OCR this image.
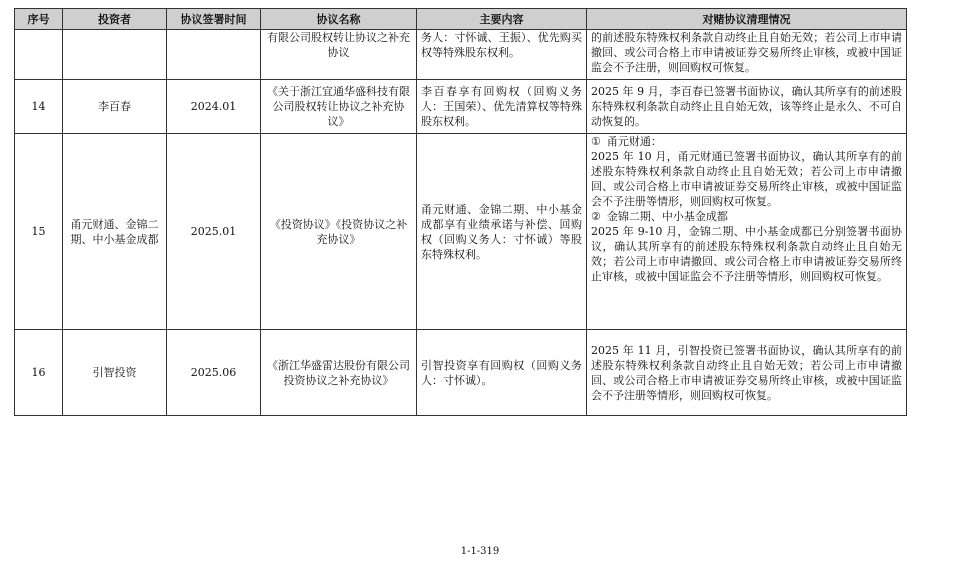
序号	投资者	协议签署时间	协议名称	主要内容	对赌协议清理情况
			有限公司股权转让协议之补充协议	务人：寸怀诚、王振）、优先购买权等特殊股东权利。	的前述股东特殊权利条款自动终止且自始无效；若公司上市申请撤回、或公司合格上市申请被证券交易所终止审核，或被中国证监会不予注册，则回购权可恢复。
14	李百春	2024.01	《关于浙江宜通华盛科技有限公司股权转让协议之补充协议》	李百春享有回购权（回购义务人：王国荣）、优先清算权等特殊股东权利。	2025 年 9 月，李百春已签署书面协议，确认其所享有的前述股东特殊权利条款自动终止且自始无效，该等终止是永久、不可自动恢复的。
15	甬元财通、金锦二期、中小基金成都	2025.01	《投资协议》《投资协议之补充协议》	甬元财通、金锦二期、中小基金成都享有业绩承诺与补偿、回购权（回购义务人：寸怀诚）等股东特殊权利。	① 甬元财通：
2025 年 10 月，甬元财通已签署书面协议，确认其所享有的前述股东特殊权利条款自动终止且自始无效；若公司上市申请撤回、或公司合格上市申请被证券交易所终止审核，或被中国证监会不予注册等情形，则回购权可恢复。
② 金锦二期、中小基金成都
2025 年 9-10 月，金锦二期、中小基金成都已分别签署书面协议，确认其所享有的前述股东特殊权利条款自动终止且自始无效；若公司上市申请撤回、或公司合格上市申请被证券交易所终止审核，或被中国证监会不予注册等情形，则回购权可恢复。

16	引智投资	2025.06	《浙江华盛雷达股份有限公司投资协议之补充协议》	引智投资享有回购权（回购义务人：寸怀诚）。	2025 年 11 月，引智投资已签署书面协议，确认其所享有的前述股东特殊权利条款自动终止且自始无效；若公司上市申请撤回、或公司合格上市申请被证券交易所终止审核，或被中国证监会不予注册等情形，则回购权可恢复。
1-1-319
